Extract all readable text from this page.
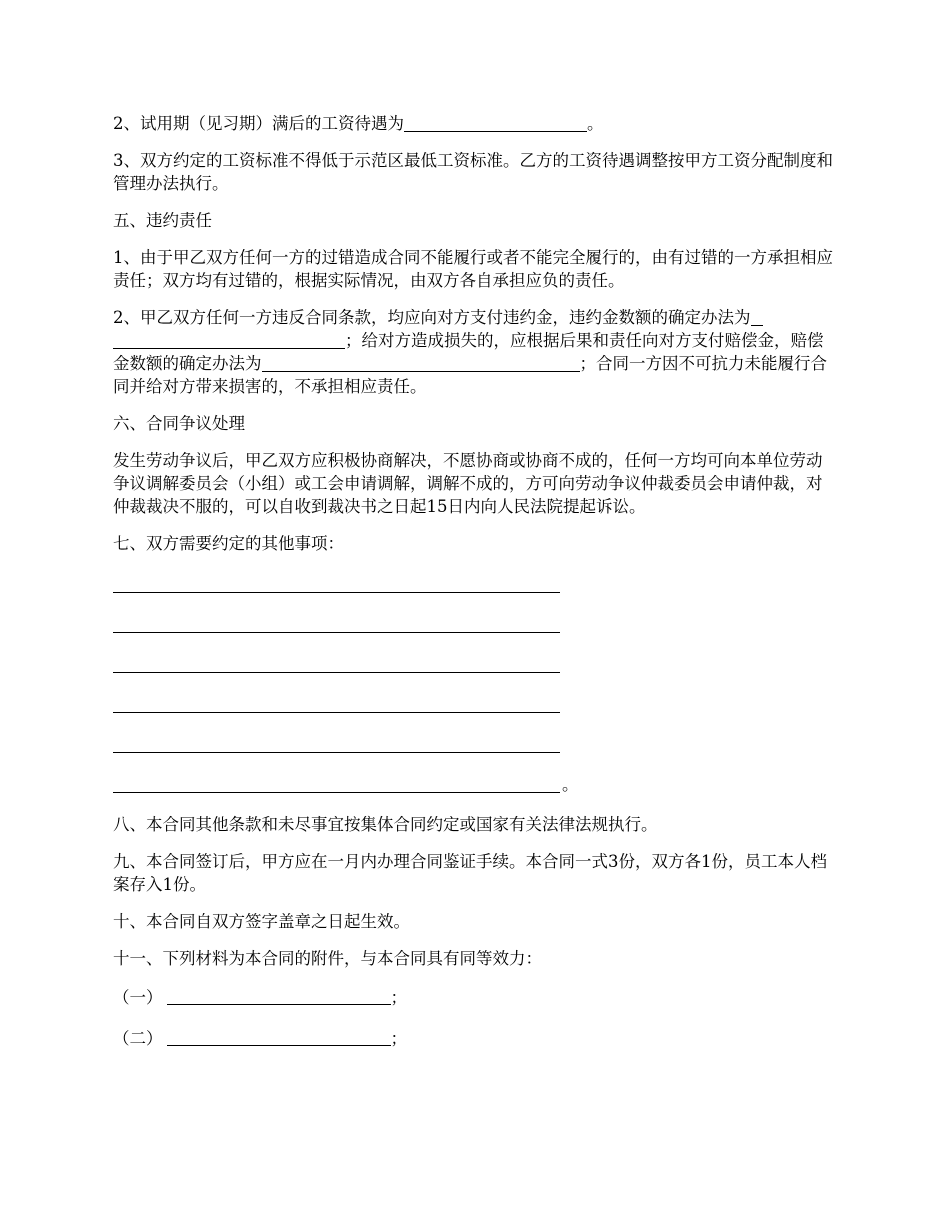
2、试用期（见习期）满后的工资待遇为	。

3、双方约定的工资标准不得低于示范区最低工资标准。乙方的工资待遇调整按甲方工资分配制度和管理办法执行。

五、违约责任

1、由于甲乙双方任何一方的过错造成合同不能履行或者不能完全履行的，由有过错的一方承担相应责任；双方均有过错的，根据实际情况，由双方各自承担应负的责任。

2、甲乙双方任何一方违反合同条款，均应向对方支付违约金，违约金数额的确定办法为；给对方造成损失的，应根据后果和责任向对方支付赔偿金，赔偿金数额的确定办法为	；合同一方因不可抗力未能履行合同并给对方带来损害的，不承担相应责任。

六、合同争议处理

发生劳动争议后，甲乙双方应积极协商解决，不愿协商或协商不成的，任何一方均可向本单位劳动争议调解委员会（小组）或工会申请调解，调解不成的，方可向劳动争议仲裁委员会申请仲裁，对仲裁裁决不服的，可以自收到裁决书之日起15日内向人民法院提起诉讼。

七、双方需要约定的其他事项：

。

八、本合同其他条款和未尽事宜按集体合同约定或国家有关法律法规执行。

九、本合同签订后，甲方应在一月内办理合同鉴证手续。本合同一式3份，双方各1份，员工本人档案存入1份。

十、本合同自双方签字盖章之日起生效。

十一、下列材料为本合同的附件，与本合同具有同等效力：

（一）	；
（二）	；
